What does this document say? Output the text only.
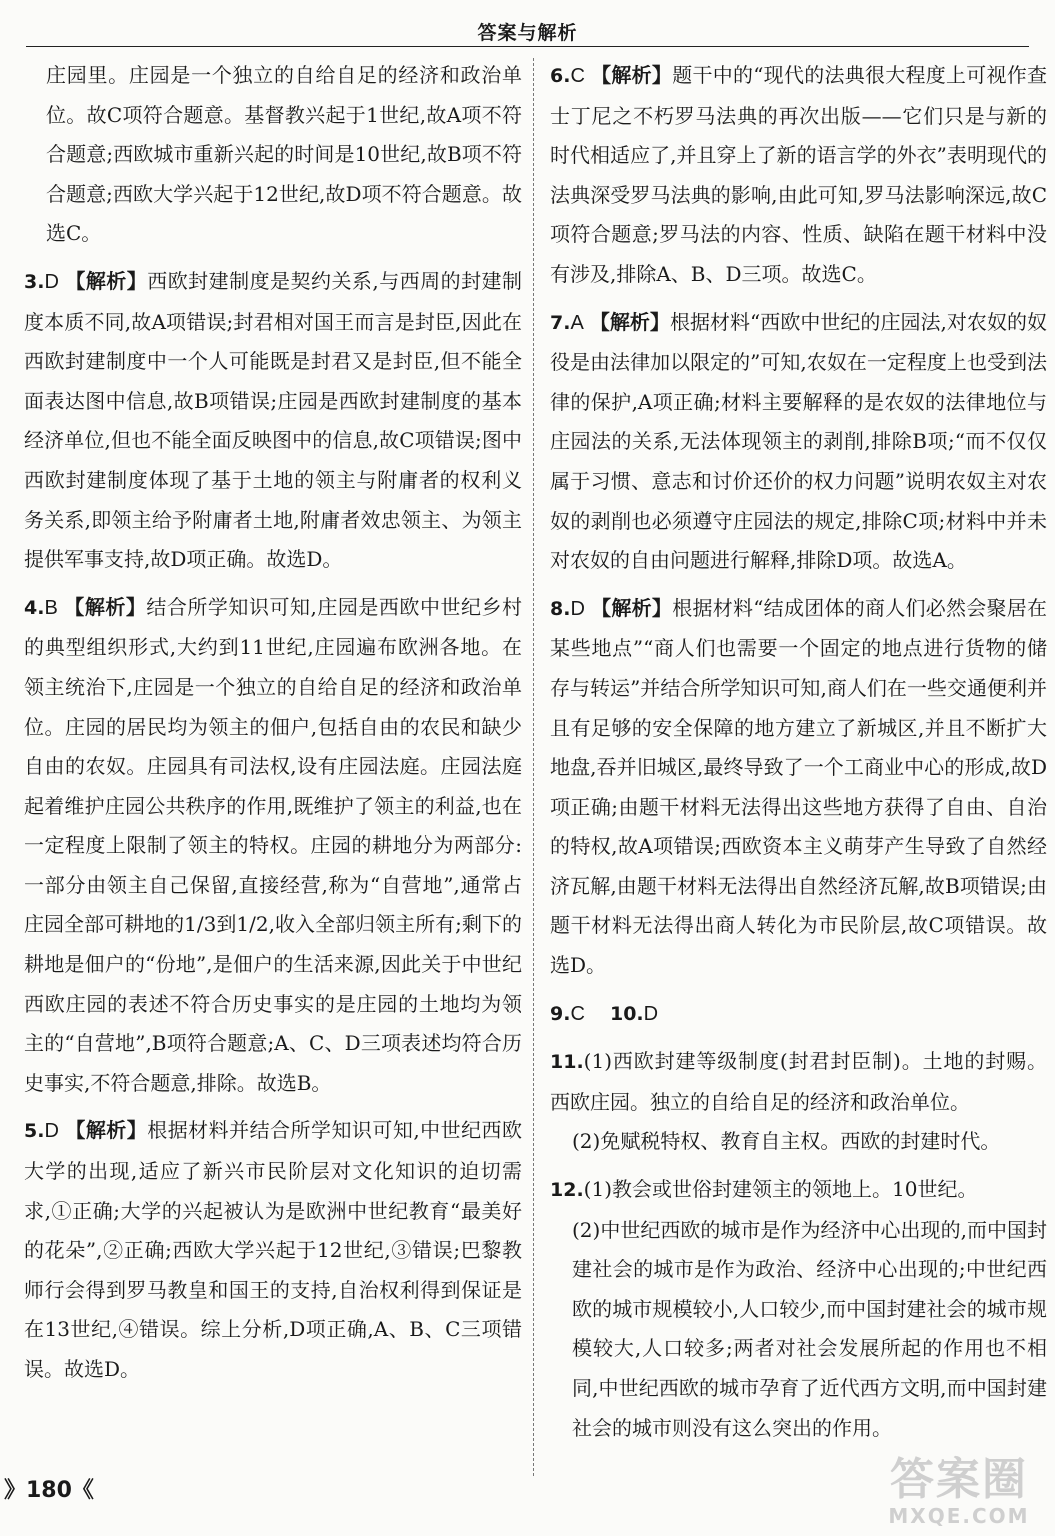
答案与解析
庄园里。庄园是一个独立的自给自足的经济和政治单位。故C项符合题意。基督教兴起于1世纪,故A项不符合题意;西欧城市重新兴起的时间是10世纪,故B项不符合题意;西欧大学兴起于12世纪,故D项不符合题意。故选C。
3.D 【解析】西欧封建制度是契约关系,与西周的封建制度本质不同,故A项错误;封君相对国王而言是封臣,因此在西欧封建制度中一个人可能既是封君又是封臣,但不能全面表达图中信息,故B项错误;庄园是西欧封建制度的基本经济单位,但也不能全面反映图中的信息,故C项错误;图中西欧封建制度体现了基于土地的领主与附庸者的权利义务关系,即领主给予附庸者土地,附庸者效忠领主、为领主提供军事支持,故D项正确。故选D。
4.B 【解析】结合所学知识可知,庄园是西欧中世纪乡村的典型组织形式,大约到11世纪,庄园遍布欧洲各地。在领主统治下,庄园是一个独立的自给自足的经济和政治单位。庄园的居民均为领主的佃户,包括自由的农民和缺少自由的农奴。庄园具有司法权,设有庄园法庭。庄园法庭起着维护庄园公共秩序的作用,既维护了领主的利益,也在一定程度上限制了领主的特权。庄园的耕地分为两部分:一部分由领主自己保留,直接经营,称为“自营地”,通常占庄园全部可耕地的1/3到1/2,收入全部归领主所有;剩下的耕地是佃户的“份地”,是佃户的生活来源,因此关于中世纪西欧庄园的表述不符合历史事实的是庄园的土地均为领主的“自营地”,B项符合题意;A、C、D三项表述均符合历史事实,不符合题意,排除。故选B。
5.D 【解析】根据材料并结合所学知识可知,中世纪西欧大学的出现,适应了新兴市民阶层对文化知识的迫切需求,①正确;大学的兴起被认为是欧洲中世纪教育“最美好的花朵”,②正确;西欧大学兴起于12世纪,③错误;巴黎教师行会得到罗马教皇和国王的支持,自治权利得到保证是在13世纪,④错误。综上分析,D项正确,A、B、C三项错误。故选D。
6.C 【解析】题干中的“现代的法典很大程度上可视作查士丁尼之不朽罗马法典的再次出版——它们只是与新的时代相适应了,并且穿上了新的语言学的外衣”表明现代的法典深受罗马法典的影响,由此可知,罗马法影响深远,故C项符合题意;罗马法的内容、性质、缺陷在题干材料中没有涉及,排除A、B、D三项。故选C。
7.A 【解析】根据材料“西欧中世纪的庄园法,对农奴的奴役是由法律加以限定的”可知,农奴在一定程度上也受到法律的保护,A项正确;材料主要解释的是农奴的法律地位与庄园法的关系,无法体现领主的剥削,排除B项;“而不仅仅属于习惯、意志和讨价还价的权力问题”说明农奴主对农奴的剥削也必须遵守庄园法的规定,排除C项;材料中并未对农奴的自由问题进行解释,排除D项。故选A。
8.D 【解析】根据材料“结成团体的商人们必然会聚居在某些地点”“商人们也需要一个固定的地点进行货物的储存与转运”并结合所学知识可知,商人们在一些交通便利并且有足够的安全保障的地方建立了新城区,并且不断扩大地盘,吞并旧城区,最终导致了一个工商业中心的形成,故D项正确;由题干材料无法得出这些地方获得了自由、自治的特权,故A项错误;西欧资本主义萌芽产生导致了自然经济瓦解,由题干材料无法得出自然经济瓦解,故B项错误;由题干材料无法得出商人转化为市民阶层,故C项错误。故选D。
9.C 10.D
11.(1)西欧封建等级制度(封君封臣制)。土地的封赐。西欧庄园。独立的自给自足的经济和政治单位。
(2)免赋税特权、教育自主权。西欧的封建时代。
12.(1)教会或世俗封建领主的领地上。10世纪。
(2)中世纪西欧的城市是作为经济中心出现的,而中国封建社会的城市是作为政治、经济中心出现的;中世纪西欧的城市规模较小,人口较少,而中国封建社会的城市规模较大,人口较多;两者对社会发展所起的作用也不相同,中世纪西欧的城市孕育了近代西方文明,而中国封建社会的城市则没有这么突出的作用。
》180《	答案圈
MXQE.COM
